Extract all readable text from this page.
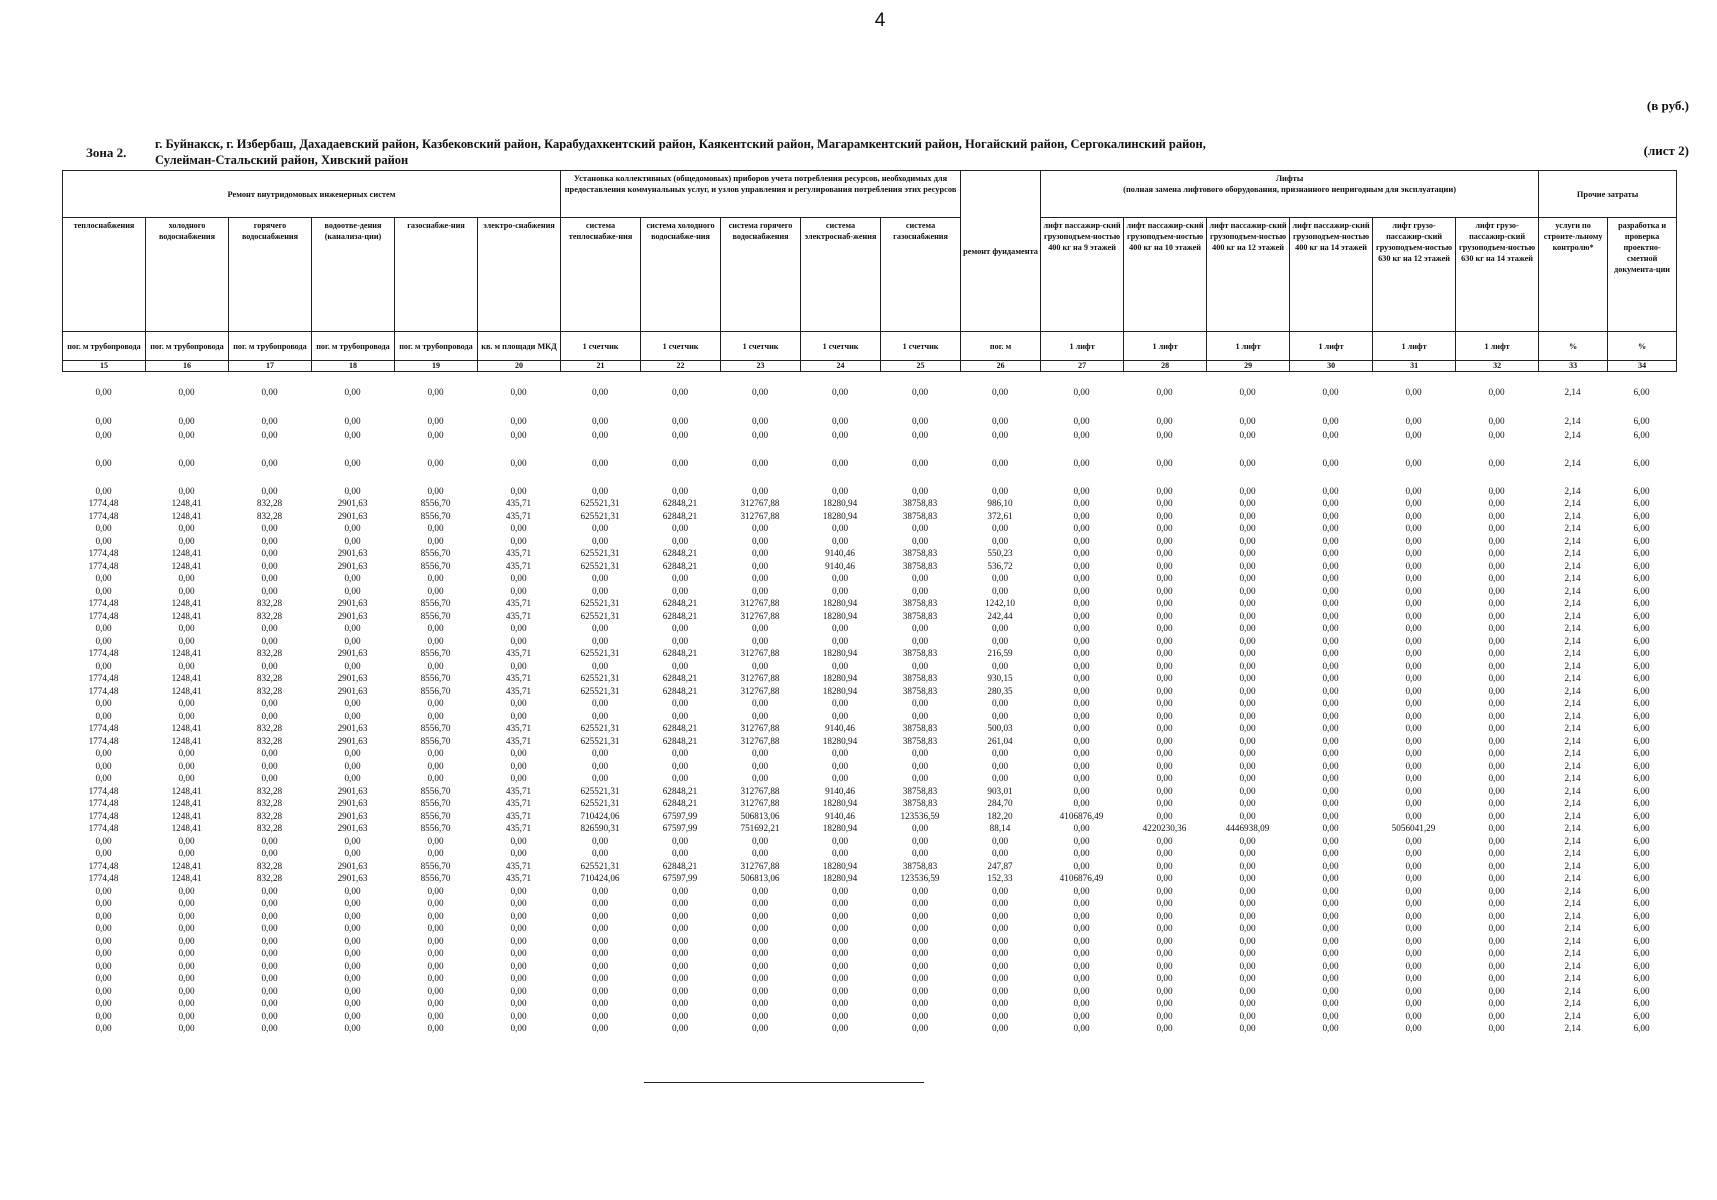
4
(в руб.)
Зона 2.
г. Буйнакск, г. Избербаш, Дахадаевский район, Казбековский район, Карабудахкентский район, Каякентский район, Магарамкентский район, Ногайский район, Сергокалинский район,
Сулейман-Стальский район, Хивский район
(лист 2)
Ремонт внутридомовых инженерных систем						Установка коллективных (общедомовых) приборов учета потребления ресурсов, необходимых для предоставления коммунальных услуг, и узлов управления и регулирования потребления этих ресурсов					ремонт фундамента	Лифты
(полная замена лифтового оборудования, признанного непригодным для эксплуатации)						Прочие затраты	
теплоснабжения	холодного водоснабжения	горячего водоснабжения	водоотве-дения (канализа-ции)	газоснабже-ния	электро-снабжения	система теплоснабже-ния	система холодного водоснабже-ния	система горячего водоснабжения	система электроснаб-жения	система газоснабжения		лифт пассажир-ский грузоподъем-ностью 400 кг на 9 этажей	лифт пассажир-ский грузоподъем-ностью 400 кг на 10 этажей	лифт пассажир-ский грузоподъем-ностью 400 кг на 12 этажей	лифт пассажир-ский грузоподъем-ностью 400 кг на 14 этажей	лифт грузо-пассажир-ский грузоподъем-ностью 630 кг на 12 этажей	лифт грузо-пассажир-ский грузоподъем-ностью 630 кг на 14 этажей	услуги по строите-льному контролю*	разработка и проверка проектно-сметной документа-ции
пог. м трубопровода	пог. м трубопровода	пог. м трубопровода	пог. м трубопровода	пог. м трубопровода	кв. м площади МКД	1 счетчик	1 счетчик	1 счетчик	1 счетчик	1 счетчик	пог. м	1 лифт	1 лифт	1 лифт	1 лифт	1 лифт	1 лифт	%	%
15	16	17	18	19	20	21	22	23	24	25	26	27	28	29	30	31	32	33	34
0,00	0,00	0,00	0,00	0,00	0,00	0,00	0,00	0,00	0,00	0,00	0,00	0,00	0,00	0,00	0,00	0,00	0,00	2,14	6,00
0,00	0,00	0,00	0,00	0,00	0,00	0,00	0,00	0,00	0,00	0,00	0,00	0,00	0,00	0,00	0,00	0,00	0,00	2,14	6,00
0,00	0,00	0,00	0,00	0,00	0,00	0,00	0,00	0,00	0,00	0,00	0,00	0,00	0,00	0,00	0,00	0,00	0,00	2,14	6,00
0,00	0,00	0,00	0,00	0,00	0,00	0,00	0,00	0,00	0,00	0,00	0,00	0,00	0,00	0,00	0,00	0,00	0,00	2,14	6,00
0,00	0,00	0,00	0,00	0,00	0,00	0,00	0,00	0,00	0,00	0,00	0,00	0,00	0,00	0,00	0,00	0,00	0,00	2,14	6,00
1774,48	1248,41	832,28	2901,63	8556,70	435,71	625521,31	62848,21	312767,88	18280,94	38758,83	986,10	0,00	0,00	0,00	0,00	0,00	0,00	2,14	6,00
1774,48	1248,41	832,28	2901,63	8556,70	435,71	625521,31	62848,21	312767,88	18280,94	38758,83	372,61	0,00	0,00	0,00	0,00	0,00	0,00	2,14	6,00
0,00	0,00	0,00	0,00	0,00	0,00	0,00	0,00	0,00	0,00	0,00	0,00	0,00	0,00	0,00	0,00	0,00	0,00	2,14	6,00
0,00	0,00	0,00	0,00	0,00	0,00	0,00	0,00	0,00	0,00	0,00	0,00	0,00	0,00	0,00	0,00	0,00	0,00	2,14	6,00
1774,48	1248,41	0,00	2901,63	8556,70	435,71	625521,31	62848,21	0,00	9140,46	38758,83	550,23	0,00	0,00	0,00	0,00	0,00	0,00	2,14	6,00
1774,48	1248,41	0,00	2901,63	8556,70	435,71	625521,31	62848,21	0,00	9140,46	38758,83	536,72	0,00	0,00	0,00	0,00	0,00	0,00	2,14	6,00
0,00	0,00	0,00	0,00	0,00	0,00	0,00	0,00	0,00	0,00	0,00	0,00	0,00	0,00	0,00	0,00	0,00	0,00	2,14	6,00
0,00	0,00	0,00	0,00	0,00	0,00	0,00	0,00	0,00	0,00	0,00	0,00	0,00	0,00	0,00	0,00	0,00	0,00	2,14	6,00
1774,48	1248,41	832,28	2901,63	8556,70	435,71	625521,31	62848,21	312767,88	18280,94	38758,83	1242,10	0,00	0,00	0,00	0,00	0,00	0,00	2,14	6,00
1774,48	1248,41	832,28	2901,63	8556,70	435,71	625521,31	62848,21	312767,88	18280,94	38758,83	242,44	0,00	0,00	0,00	0,00	0,00	0,00	2,14	6,00
0,00	0,00	0,00	0,00	0,00	0,00	0,00	0,00	0,00	0,00	0,00	0,00	0,00	0,00	0,00	0,00	0,00	0,00	2,14	6,00
0,00	0,00	0,00	0,00	0,00	0,00	0,00	0,00	0,00	0,00	0,00	0,00	0,00	0,00	0,00	0,00	0,00	0,00	2,14	6,00
1774,48	1248,41	832,28	2901,63	8556,70	435,71	625521,31	62848,21	312767,88	18280,94	38758,83	216,59	0,00	0,00	0,00	0,00	0,00	0,00	2,14	6,00
0,00	0,00	0,00	0,00	0,00	0,00	0,00	0,00	0,00	0,00	0,00	0,00	0,00	0,00	0,00	0,00	0,00	0,00	2,14	6,00
1774,48	1248,41	832,28	2901,63	8556,70	435,71	625521,31	62848,21	312767,88	18280,94	38758,83	930,15	0,00	0,00	0,00	0,00	0,00	0,00	2,14	6,00
1774,48	1248,41	832,28	2901,63	8556,70	435,71	625521,31	62848,21	312767,88	18280,94	38758,83	280,35	0,00	0,00	0,00	0,00	0,00	0,00	2,14	6,00
0,00	0,00	0,00	0,00	0,00	0,00	0,00	0,00	0,00	0,00	0,00	0,00	0,00	0,00	0,00	0,00	0,00	0,00	2,14	6,00
0,00	0,00	0,00	0,00	0,00	0,00	0,00	0,00	0,00	0,00	0,00	0,00	0,00	0,00	0,00	0,00	0,00	0,00	2,14	6,00
1774,48	1248,41	832,28	2901,63	8556,70	435,71	625521,31	62848,21	312767,88	9140,46	38758,83	500,03	0,00	0,00	0,00	0,00	0,00	0,00	2,14	6,00
1774,48	1248,41	832,28	2901,63	8556,70	435,71	625521,31	62848,21	312767,88	18280,94	38758,83	261,04	0,00	0,00	0,00	0,00	0,00	0,00	2,14	6,00
0,00	0,00	0,00	0,00	0,00	0,00	0,00	0,00	0,00	0,00	0,00	0,00	0,00	0,00	0,00	0,00	0,00	0,00	2,14	6,00
0,00	0,00	0,00	0,00	0,00	0,00	0,00	0,00	0,00	0,00	0,00	0,00	0,00	0,00	0,00	0,00	0,00	0,00	2,14	6,00
0,00	0,00	0,00	0,00	0,00	0,00	0,00	0,00	0,00	0,00	0,00	0,00	0,00	0,00	0,00	0,00	0,00	0,00	2,14	6,00
1774,48	1248,41	832,28	2901,63	8556,70	435,71	625521,31	62848,21	312767,88	9140,46	38758,83	903,01	0,00	0,00	0,00	0,00	0,00	0,00	2,14	6,00
1774,48	1248,41	832,28	2901,63	8556,70	435,71	625521,31	62848,21	312767,88	18280,94	38758,83	284,70	0,00	0,00	0,00	0,00	0,00	0,00	2,14	6,00
1774,48	1248,41	832,28	2901,63	8556,70	435,71	710424,06	67597,99	506813,06	9140,46	123536,59	182,20	4106876,49	0,00	0,00	0,00	0,00	0,00	2,14	6,00
1774,48	1248,41	832,28	2901,63	8556,70	435,71	826590,31	67597,99	751692,21	18280,94	0,00	88,14	0,00	4220230,36	4446938,09	0,00	5056041,29	0,00	2,14	6,00
0,00	0,00	0,00	0,00	0,00	0,00	0,00	0,00	0,00	0,00	0,00	0,00	0,00	0,00	0,00	0,00	0,00	0,00	2,14	6,00
0,00	0,00	0,00	0,00	0,00	0,00	0,00	0,00	0,00	0,00	0,00	0,00	0,00	0,00	0,00	0,00	0,00	0,00	2,14	6,00
1774,48	1248,41	832,28	2901,63	8556,70	435,71	625521,31	62848,21	312767,88	18280,94	38758,83	247,87	0,00	0,00	0,00	0,00	0,00	0,00	2,14	6,00
1774,48	1248,41	832,28	2901,63	8556,70	435,71	710424,06	67597,99	506813,06	18280,94	123536,59	152,33	4106876,49	0,00	0,00	0,00	0,00	0,00	2,14	6,00
0,00	0,00	0,00	0,00	0,00	0,00	0,00	0,00	0,00	0,00	0,00	0,00	0,00	0,00	0,00	0,00	0,00	0,00	2,14	6,00
0,00	0,00	0,00	0,00	0,00	0,00	0,00	0,00	0,00	0,00	0,00	0,00	0,00	0,00	0,00	0,00	0,00	0,00	2,14	6,00
0,00	0,00	0,00	0,00	0,00	0,00	0,00	0,00	0,00	0,00	0,00	0,00	0,00	0,00	0,00	0,00	0,00	0,00	2,14	6,00
0,00	0,00	0,00	0,00	0,00	0,00	0,00	0,00	0,00	0,00	0,00	0,00	0,00	0,00	0,00	0,00	0,00	0,00	2,14	6,00
0,00	0,00	0,00	0,00	0,00	0,00	0,00	0,00	0,00	0,00	0,00	0,00	0,00	0,00	0,00	0,00	0,00	0,00	2,14	6,00
0,00	0,00	0,00	0,00	0,00	0,00	0,00	0,00	0,00	0,00	0,00	0,00	0,00	0,00	0,00	0,00	0,00	0,00	2,14	6,00
0,00	0,00	0,00	0,00	0,00	0,00	0,00	0,00	0,00	0,00	0,00	0,00	0,00	0,00	0,00	0,00	0,00	0,00	2,14	6,00
0,00	0,00	0,00	0,00	0,00	0,00	0,00	0,00	0,00	0,00	0,00	0,00	0,00	0,00	0,00	0,00	0,00	0,00	2,14	6,00
0,00	0,00	0,00	0,00	0,00	0,00	0,00	0,00	0,00	0,00	0,00	0,00	0,00	0,00	0,00	0,00	0,00	0,00	2,14	6,00
0,00	0,00	0,00	0,00	0,00	0,00	0,00	0,00	0,00	0,00	0,00	0,00	0,00	0,00	0,00	0,00	0,00	0,00	2,14	6,00
0,00	0,00	0,00	0,00	0,00	0,00	0,00	0,00	0,00	0,00	0,00	0,00	0,00	0,00	0,00	0,00	0,00	0,00	2,14	6,00
0,00	0,00	0,00	0,00	0,00	0,00	0,00	0,00	0,00	0,00	0,00	0,00	0,00	0,00	0,00	0,00	0,00	0,00	2,14	6,00
